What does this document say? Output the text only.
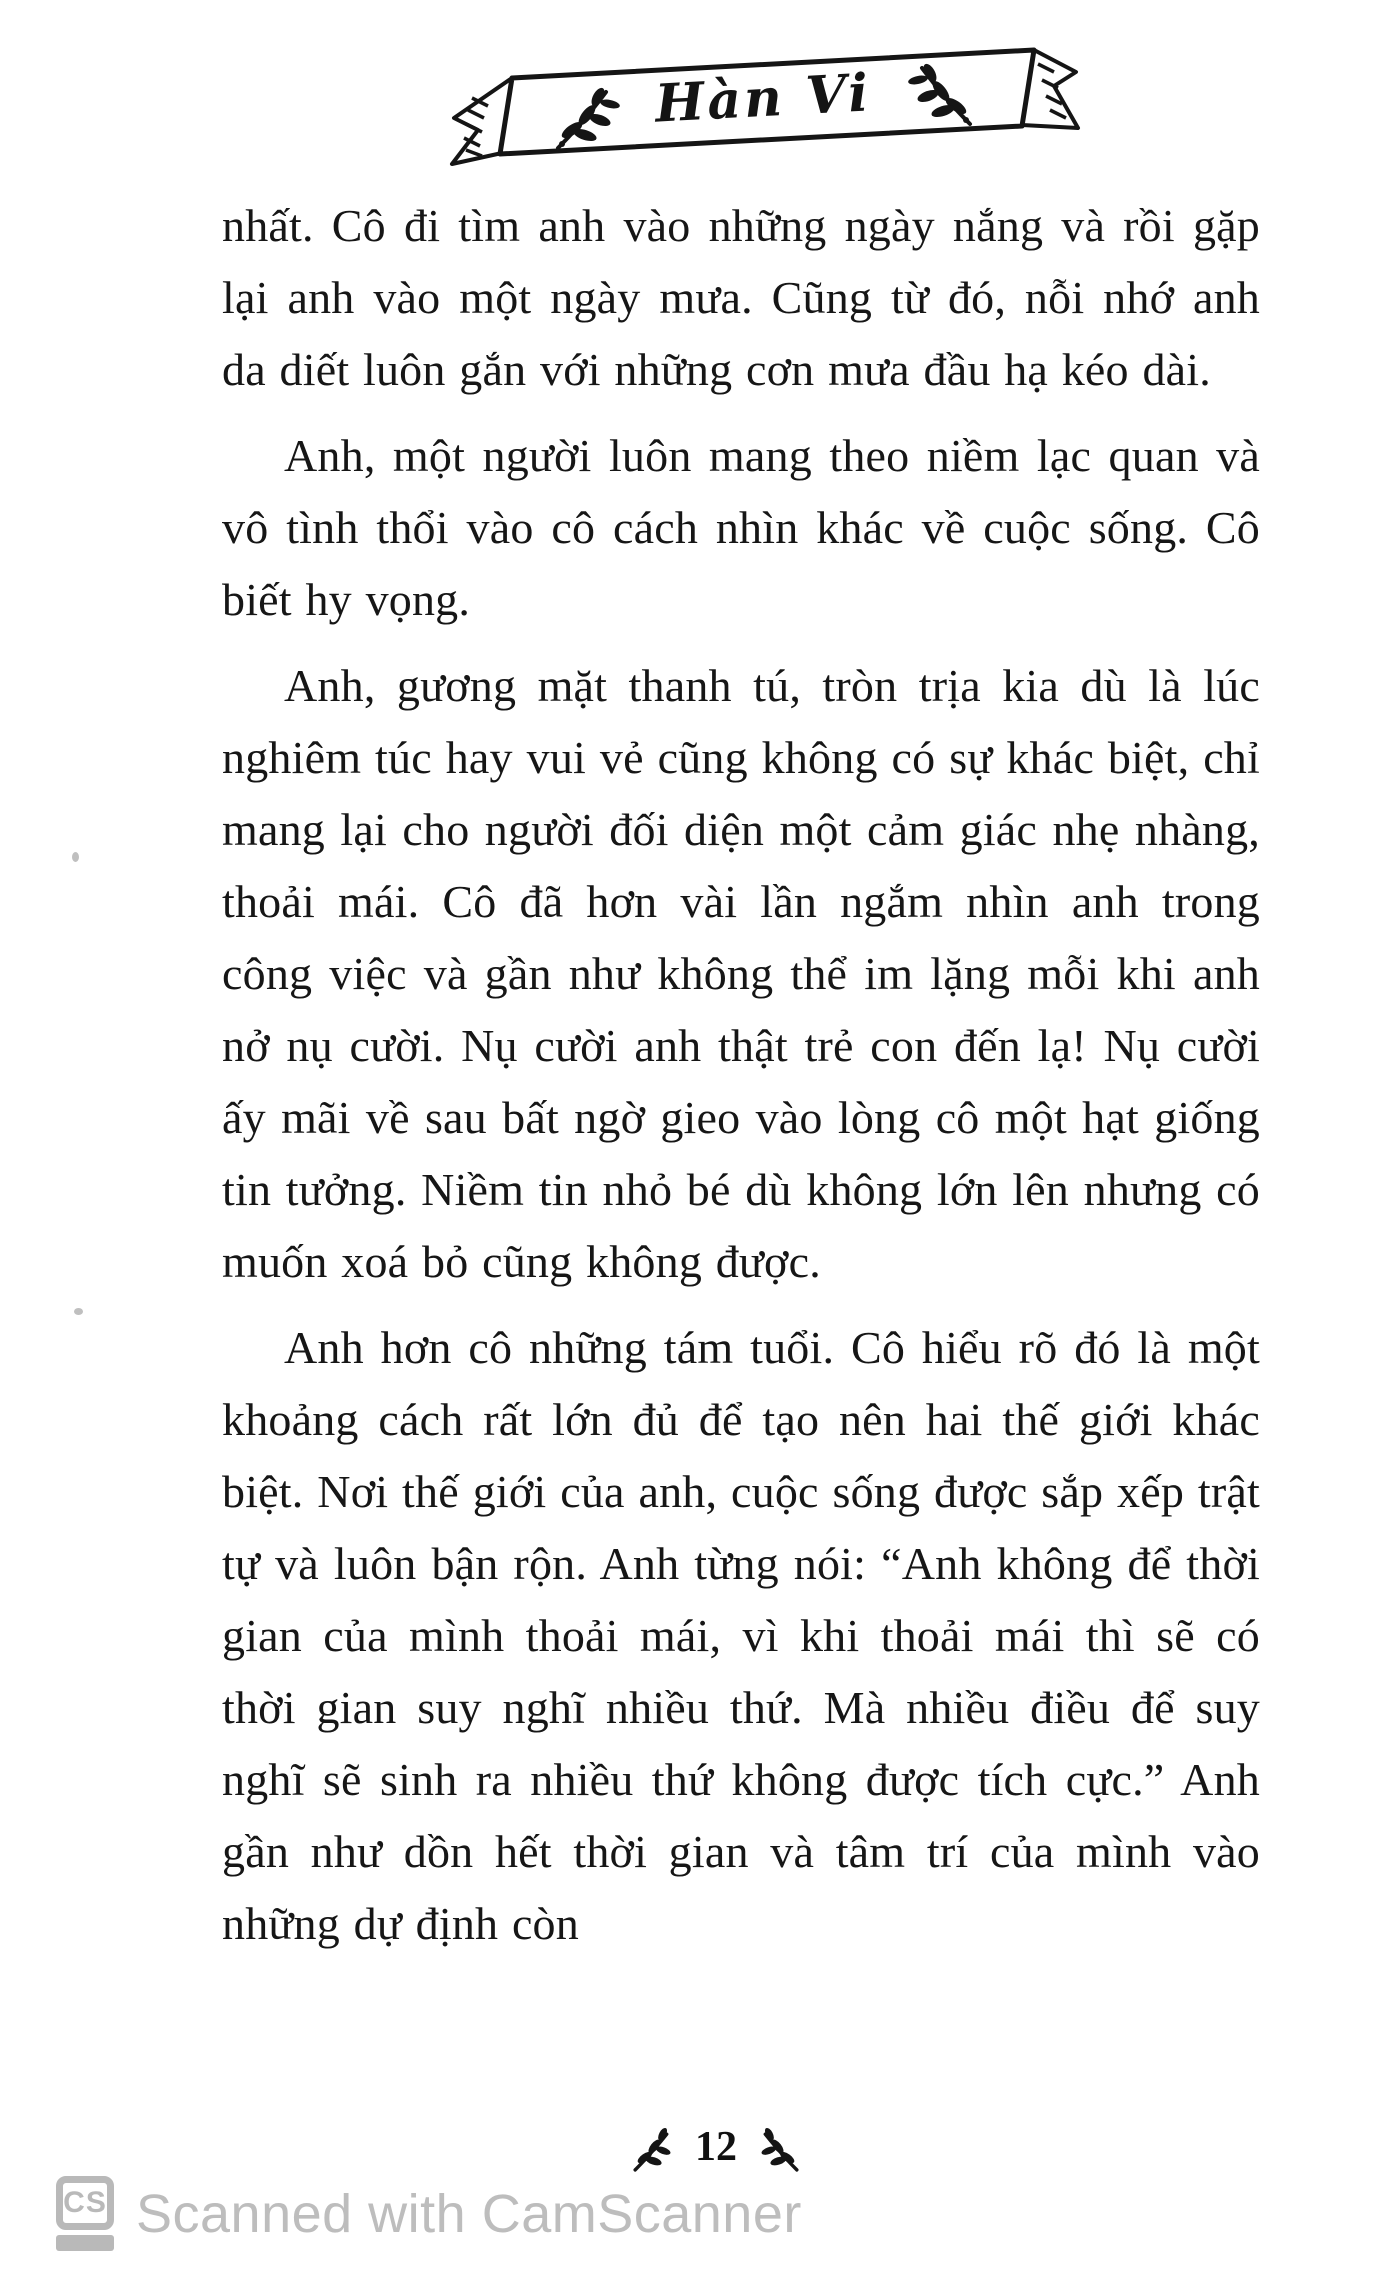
Hàn Vi

nhất. Cô đi tìm anh vào những ngày nắng và rồi gặp lại anh vào một ngày mưa. Cũng từ đó, nỗi nhớ anh da diết luôn gắn với những cơn mưa đầu hạ kéo dài.

Anh, một người luôn mang theo niềm lạc quan và vô tình thổi vào cô cách nhìn khác về cuộc sống. Cô biết hy vọng.

Anh, gương mặt thanh tú, tròn trịa kia dù là lúc nghiêm túc hay vui vẻ cũng không có sự khác biệt, chỉ mang lại cho người đối diện một cảm giác nhẹ nhàng, thoải mái. Cô đã hơn vài lần ngắm nhìn anh trong công việc và gần như không thể im lặng mỗi khi anh nở nụ cười. Nụ cười anh thật trẻ con đến lạ! Nụ cười ấy mãi về sau bất ngờ gieo vào lòng cô một hạt giống tin tưởng. Niềm tin nhỏ bé dù không lớn lên nhưng có muốn xoá bỏ cũng không được.

Anh hơn cô những tám tuổi. Cô hiểu rõ đó là một khoảng cách rất lớn đủ để tạo nên hai thế giới khác biệt. Nơi thế giới của anh, cuộc sống được sắp xếp trật tự và luôn bận rộn. Anh từng nói: “Anh không để thời gian của mình thoải mái, vì khi thoải mái thì sẽ có thời gian suy nghĩ nhiều thứ. Mà nhiều điều để suy nghĩ sẽ sinh ra nhiều thứ không được tích cực.” Anh gần như dồn hết thời gian và tâm trí của mình vào những dự định còn

12
CS Scanned with CamScanner
